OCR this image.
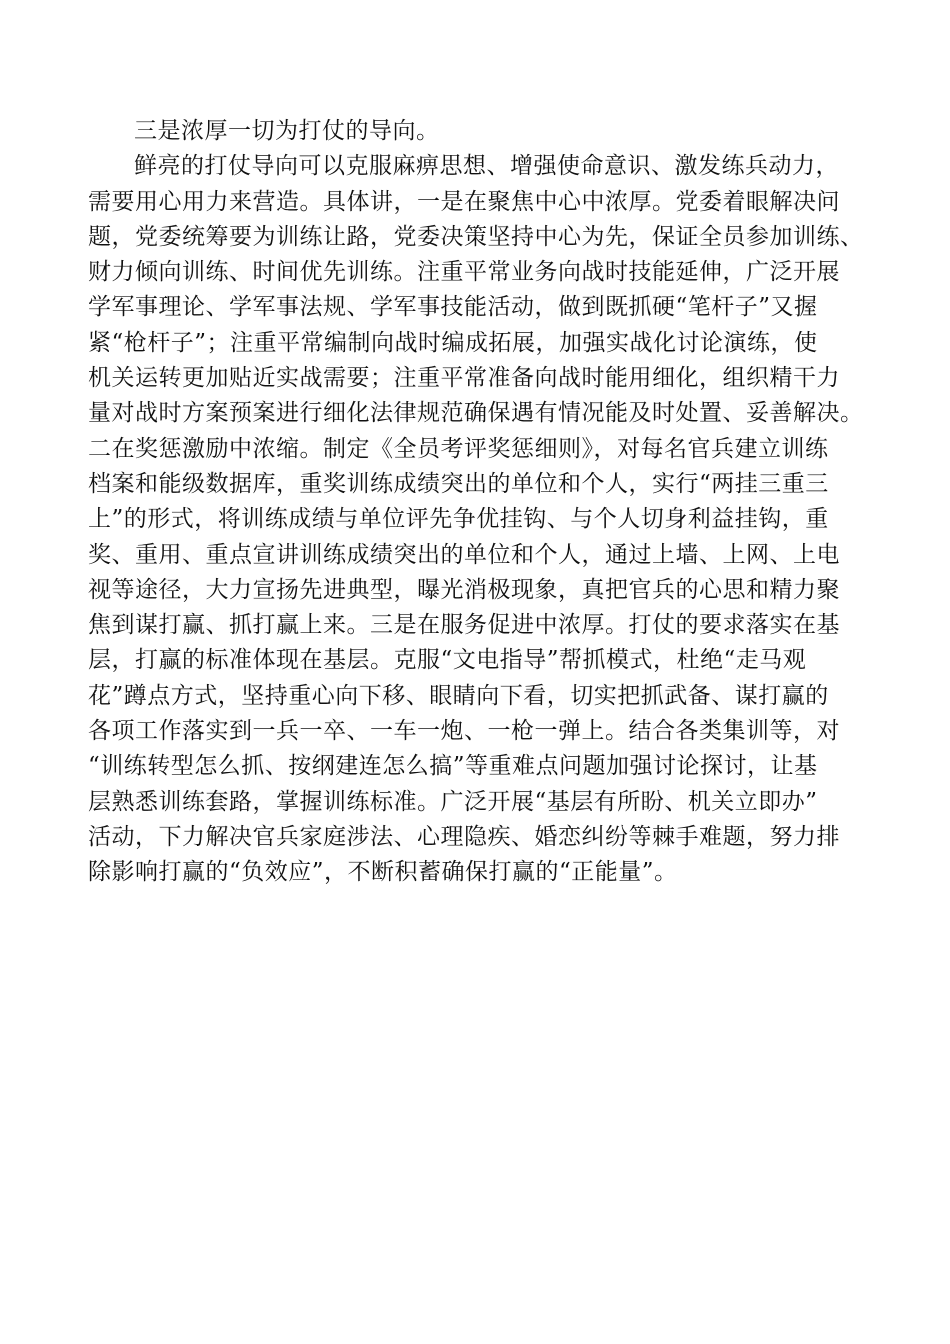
三是浓厚一切为打仗的导向。
鲜亮的打仗导向可以克服麻痹思想、增强使命意识、激发练兵动力，
需要用心用力来营造。具体讲，一是在聚焦中心中浓厚。党委着眼解决问
题，党委统筹要为训练让路，党委决策坚持中心为先，保证全员参加训练、
财力倾向训练、时间优先训练。注重平常业务向战时技能延伸，广泛开展
学军事理论、学军事法规、学军事技能活动，做到既抓硬“笔杆子”又握
紧“枪杆子”；注重平常编制向战时编成拓展，加强实战化讨论演练，使
机关运转更加贴近实战需要；注重平常准备向战时能用细化，组织精干力
量对战时方案预案进行细化法律规范确保遇有情况能及时处置、妥善解决。
二在奖惩激励中浓缩。制定《全员考评奖惩细则》，对每名官兵建立训练
档案和能级数据库，重奖训练成绩突出的单位和个人，实行“两挂三重三
上”的形式，将训练成绩与单位评先争优挂钩、与个人切身利益挂钩，重
奖、重用、重点宣讲训练成绩突出的单位和个人，通过上墙、上网、上电
视等途径，大力宣扬先进典型，曝光消极现象，真把官兵的心思和精力聚
焦到谋打赢、抓打赢上来。三是在服务促进中浓厚。打仗的要求落实在基
层，打赢的标准体现在基层。克服“文电指导”帮抓模式，杜绝“走马观
花”蹲点方式，坚持重心向下移、眼睛向下看，切实把抓武备、谋打赢的
各项工作落实到一兵一卒、一车一炮、一枪一弹上。结合各类集训等，对
“训练转型怎么抓、按纲建连怎么搞”等重难点问题加强讨论探讨，让基
层熟悉训练套路，掌握训练标准。广泛开展“基层有所盼、机关立即办”
活动，下力解决官兵家庭涉法、心理隐疾、婚恋纠纷等棘手难题，努力排
除影响打赢的“负效应”，不断积蓄确保打赢的“正能量”。
